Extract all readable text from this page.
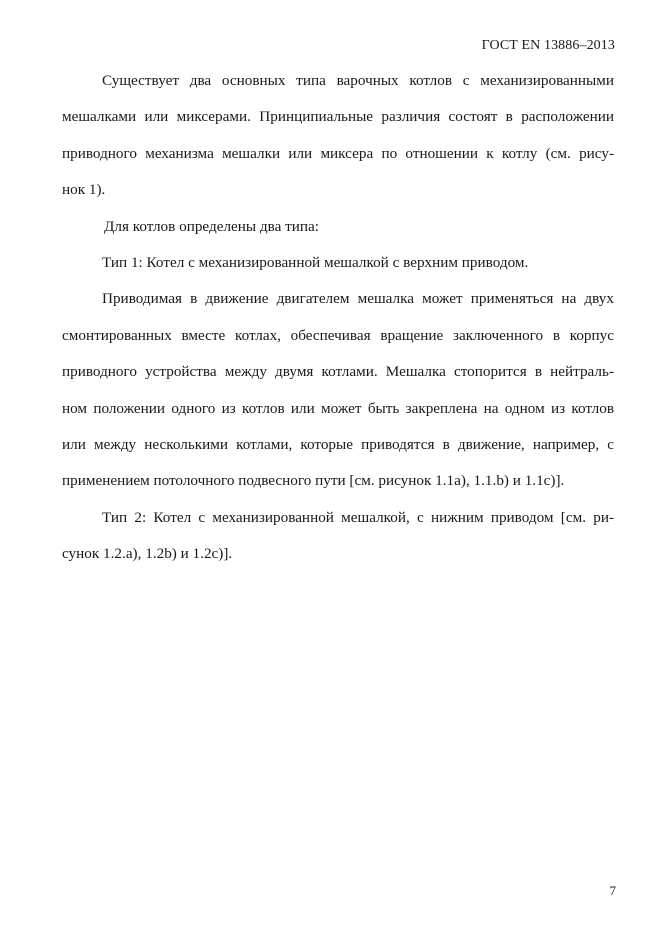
ГОСТ EN 13886–2013
Существует два основных типа варочных котлов с механизированными
мешалками или миксерами. Принципиальные различия состоят в расположении
приводного механизма мешалки или миксера по отношении к котлу (см. рису-
нок 1).
Для котлов определены два типа:
Тип 1: Котел с механизированной мешалкой с верхним приводом.
Приводимая в движение двигателем мешалка может применяться на двух
смонтированных вместе котлах, обеспечивая вращение заключенного в корпус
приводного устройства между двумя котлами. Мешалка стопорится в нейтраль-
ном положении одного из котлов или может быть закреплена на одном из котлов
или между несколькими котлами, которые приводятся в движение, например, с
применением потолочного подвесного пути [см. рисунок 1.1a), 1.1.b) и 1.1c)].
Тип 2: Котел с механизированной мешалкой, с нижним приводом [см. ри-
сунок 1.2.a), 1.2b) и 1.2c)].
7
